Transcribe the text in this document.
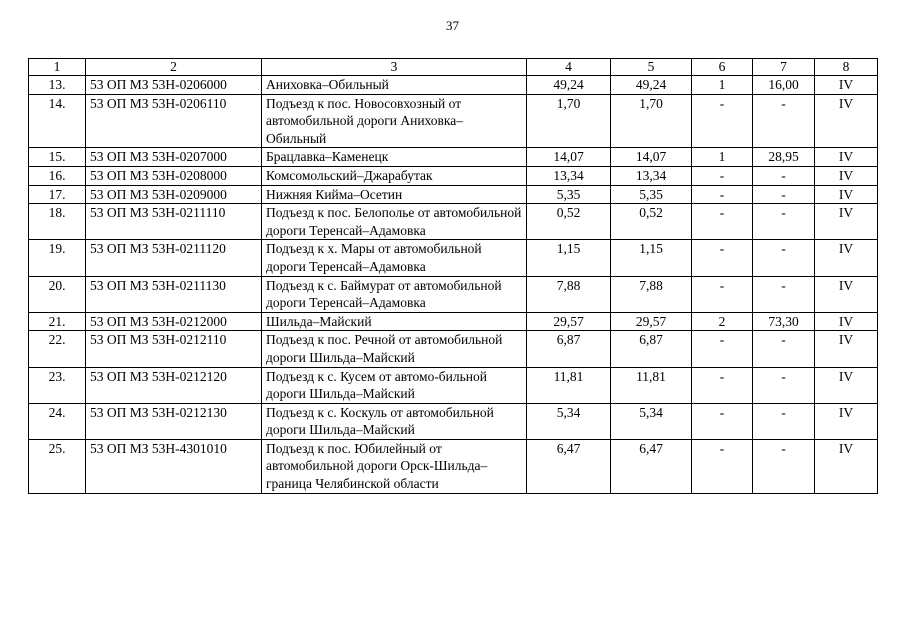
37
1	2	3	4	5	6	7	8
13.	53 ОП МЗ 53Н-0206000	Аниховка–Обильный	49,24	49,24	1	16,00	IV
14.	53 ОП МЗ 53Н-0206110	Подъезд к пос. Новосовхозный от автомобильной дороги Аниховка–Обильный	1,70	1,70	-	-	IV
15.	53 ОП МЗ 53Н-0207000	Брацлавка–Каменецк	14,07	14,07	1	28,95	IV
16.	53 ОП МЗ 53Н-0208000	Комсомольский–Джарабутак	13,34	13,34	-	-	IV
17.	53 ОП МЗ 53Н-0209000	Нижняя Кийма–Осетин	5,35	5,35	-	-	IV
18.	53 ОП МЗ 53Н-0211110	Подъезд к пос. Белополье от автомобильной дороги Теренсай–Адамовка	0,52	0,52	-	-	IV
19.	53 ОП МЗ 53Н-0211120	Подъезд к х. Мары от автомобильной дороги Теренсай–Адамовка	1,15	1,15	-	-	IV
20.	53 ОП МЗ 53Н-0211130	Подъезд к с. Баймурат от автомобильной дороги Теренсай–Адамовка	7,88	7,88	-	-	IV
21.	53 ОП МЗ 53Н-0212000	Шильда–Майский	29,57	29,57	2	73,30	IV
22.	53 ОП МЗ 53Н-0212110	Подъезд к пос. Речной от автомобильной дороги Шильда–Майский	6,87	6,87	-	-	IV
23.	53 ОП МЗ 53Н-0212120	Подъезд к с. Кусем от автомо-бильной дороги Шильда–Майский	11,81	11,81	-	-	IV
24.	53 ОП МЗ 53Н-0212130	Подъезд к с. Коскуль от автомобильной дороги Шильда–Майский	5,34	5,34	-	-	IV
25.	53 ОП МЗ 53Н-4301010	Подъезд к пос. Юбилейный от автомобильной дороги Орск-Шильда–граница Челябинской области	6,47	6,47	-	-	IV
